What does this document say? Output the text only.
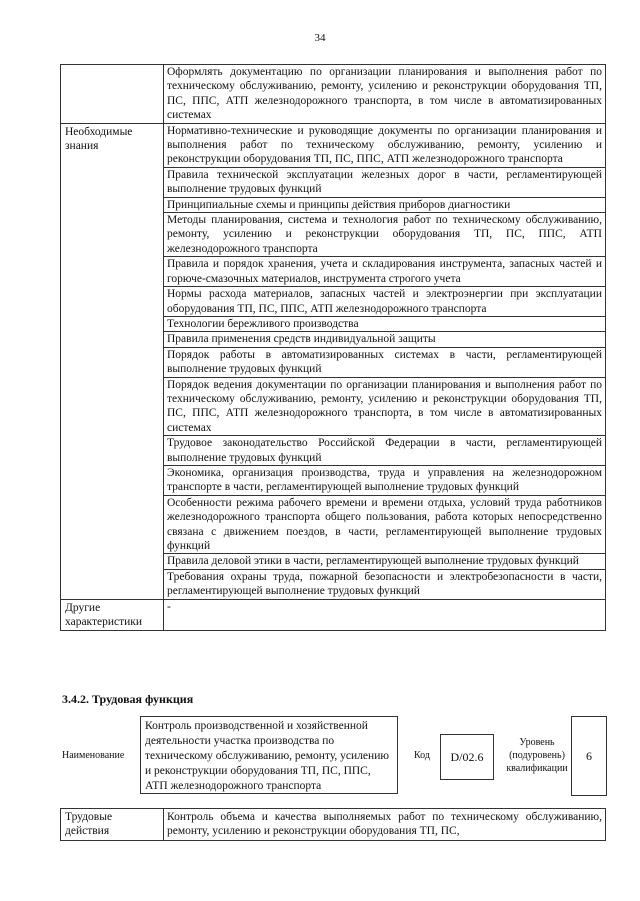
34
	Оформлять документацию по организации планирования и выполнения работ по техническому обслуживанию, ремонту, усилению и реконструкции оборудования ТП, ПС, ППС, АТП железнодорожного транспорта, в том числе в автоматизированных системах
Необходимые знания	Нормативно-технические и руководящие документы по организации планирования и выполнения работ по техническому обслуживанию, ремонту, усилению и реконструкции оборудования ТП, ПС, ППС, АТП железнодорожного транспорта
	Правила технической эксплуатации железных дорог в части, регламентирующей выполнение трудовых функций
	Принципиальные схемы и принципы действия приборов диагностики
	Методы планирования, система и технология работ по техническому обслуживанию, ремонту, усилению и реконструкции оборудования ТП, ПС, ППС, АТП железнодорожного транспорта
	Правила и порядок хранения, учета и складирования инструмента, запасных частей и горюче-смазочных материалов, инструмента строгого учета
	Нормы расхода материалов, запасных частей и электроэнергии при эксплуатации оборудования ТП, ПС, ППС, АТП железнодорожного транспорта
	Технологии бережливого производства
	Правила применения средств индивидуальной защиты
	Порядок работы в автоматизированных системах в части, регламентирующей выполнение трудовых функций
	Порядок ведения документации по организации планирования и выполнения работ по техническому обслуживанию, ремонту, усилению и реконструкции оборудования ТП, ПС, ППС, АТП железнодорожного транспорта, в том числе в автоматизированных системах
	Трудовое законодательство Российской Федерации в части, регламентирующей выполнение трудовых функций
	Экономика, организация производства, труда и управления на железнодорожном транспорте в части, регламентирующей выполнение трудовых функций
	Особенности режима рабочего времени и времени отдыха, условий труда работников железнодорожного транспорта общего пользования, работа которых непосредственно связана с движением поездов, в части, регламентирующей выполнение трудовых функций
	Правила деловой этики в части, регламентирующей выполнение трудовых функций
	Требования охраны труда, пожарной безопасности и электробезопасности в части, регламентирующей выполнение трудовых функций
Другие характеристики	-
3.4.2. Трудовая функция
Наименование
Контроль производственной и хозяйственной деятельности участка производства по техническому обслуживанию, ремонту, усилению и реконструкции оборудования ТП, ПС, ППС, АТП железнодорожного транспорта
Код	D/02.6
Уровень (подуровень) квалификации
6
Трудовые действия	Контроль объема и качества выполняемых работ по техническому обслуживанию, ремонту, усилению и реконструкции оборудования ТП, ПС,
